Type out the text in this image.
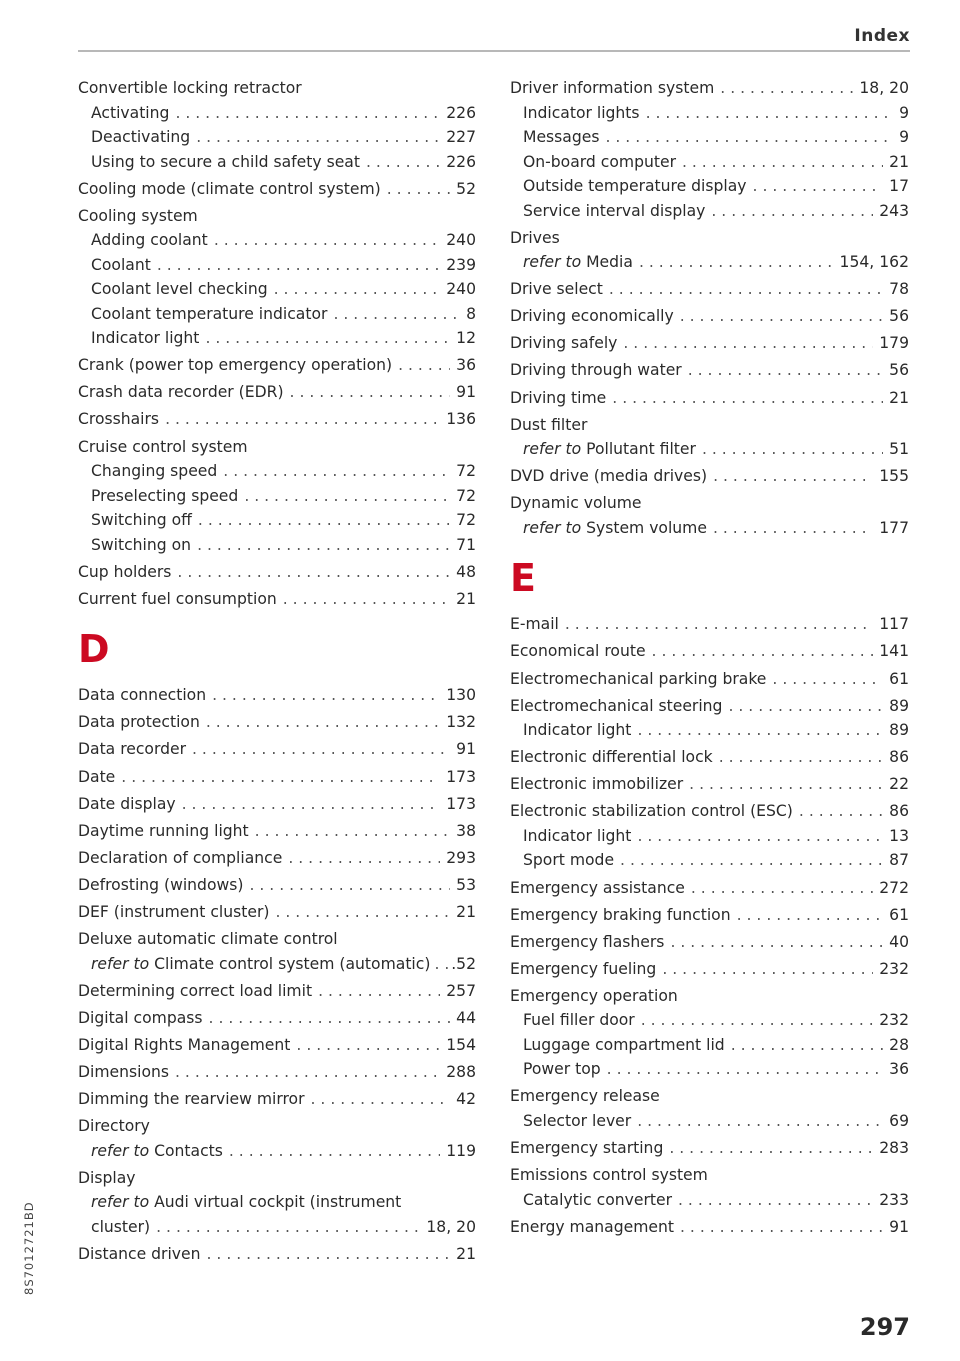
Index
Convertible locking retractor
Activating . . .	226
Deactivating . . .	227
Using to secure a child safety seat . . .	226
Cooling mode (climate control system) . . .	52
Cooling system
Adding coolant . . .	240
Coolant . . .	239
Coolant level checking . . .	240
Coolant temperature indicator . . .	8
Indicator light . . .	12
Crank (power top emergency operation) . . .	36
Crash data recorder (EDR) . . .	91
Crosshairs . . .	136
Cruise control system
Changing speed . . .	72
Preselecting speed . . .	72
Switching off . . .	72
Switching on . . .	71
Cup holders . . .	48
Current fuel consumption . . .	21
D
Data connection . . .	130
Data protection . . .	132
Data recorder . . .	91
Date . . .	173
Date display . . .	173
Daytime running light . . .	38
Declaration of compliance . . .	293
Defrosting (windows) . . .	53
DEF (instrument cluster) . . .	21
Deluxe automatic climate control
refer to Climate control system (automatic) . . . .52
Determining correct load limit . . .	257
Digital compass . . .	44
Digital Rights Management . . .	154
Dimensions . . .	288
Dimming the rearview mirror . . .	42
Directory
refer to Contacts . . .	119
Display
refer to Audi virtual cockpit (instrument
cluster) . . .	18, 20
Distance driven . . .	21
Driver information system . . .	18, 20
Indicator lights . . .	9
Messages . . .	9
On-board computer . . .	21
Outside temperature display . . .	17
Service interval display . . .	243
Drives
refer to Media . . .	154, 162
Drive select . . .	78
Driving economically . . .	56
Driving safely . . .	179
Driving through water . . .	56
Driving time . . .	21
Dust filter
refer to Pollutant filter . . .	51
DVD drive (media drives) . . .	155
Dynamic volume
refer to System volume . . .	177
E
E-mail . . .	117
Economical route . . .	141
Electromechanical parking brake . . .	61
Electromechanical steering . . .	89
Indicator light . . .	89
Electronic differential lock . . .	86
Electronic immobilizer . . .	22
Electronic stabilization control (ESC) . . .	86
Indicator light . . .	13
Sport mode . . .	87
Emergency assistance . . .	272
Emergency braking function . . .	61
Emergency flashers . . .	40
Emergency fueling . . .	232
Emergency operation
Fuel filler door . . .	232
Luggage compartment lid . . .	28
Power top . . .	36
Emergency release
Selector lever . . .	69
Emergency starting . . .	283
Emissions control system
Catalytic converter . . .	233
Energy management . . .	91
8S7012721BD
297
